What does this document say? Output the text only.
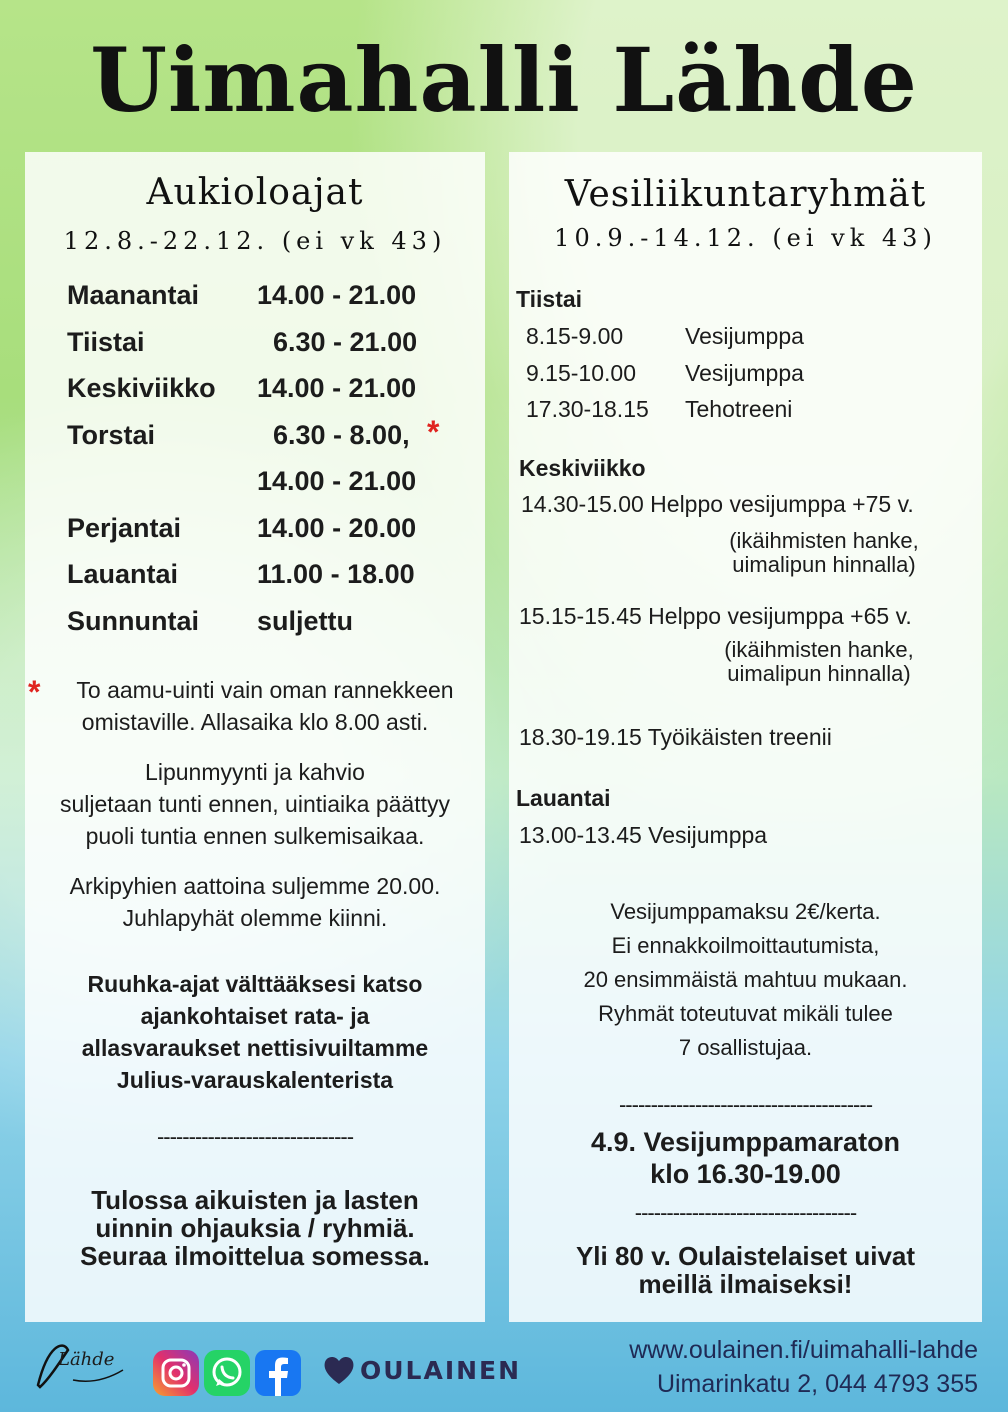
Uimahalli Lähde
Aukioloajat
12.8.-22.12. (ei vk 43)
Maanantai 14.00 - 21.00
Tiistai	6.30 - 21.00
Keskiviikko 14.00 - 21.00
Torstai	6.30 - 8.00, *
14.00 - 21.00
Perjantai	14.00 - 20.00
Lauantai	11.00 - 18.00
Sunnuntai suljettu
*	To aamu-uinti vain oman rannekkeen
omistaville. Allasaika klo 8.00 asti.
Lipunmyynti ja kahvio
suljetaan tunti ennen, uintiaika päättyy
puoli tuntia ennen sulkemisaikaa.
Arkipyhien aattoina suljemme 20.00.
Juhlapyhät olemme kiinni.
Ruuhka-ajat välttääksesi katso
ajankohtaiset rata- ja
allasvaraukset nettisivuiltamme
Julius-varauskalenterista
-------------------------------
Tulossa aikuisten ja lasten
uinnin ohjauksia / ryhmiä.
Seuraa ilmoittelua somessa.
Vesiliikuntaryhmät
10.9.-14.12. (ei vk 43)
Tiistai
8.15-9.00	Vesijumppa
9.15-10.00 Vesijumppa
17.30-18.15 Tehotreeni
Keskiviikko
14.30-15.00 Helppo vesijumppa +75 v.
(ikäihmisten hanke,
uimalipun hinnalla)
15.15-15.45 Helppo vesijumppa +65 v.
(ikäihmisten hanke,
uimalipun hinnalla)
18.30-19.15 Työikäisten treenii
Lauantai
13.00-13.45 Vesijumppa
Vesijumppamaksu 2€/kerta.
Ei ennakkoilmoittautumista,
20 ensimmäistä mahtuu mukaan.
Ryhmät toteutuvat mikäli tulee
7 osallistujaa.
----------------------------------------
4.9. Vesijumppamaraton
klo 16.30-19.00
-----------------------------------
Yli 80 v. Oulaistelaiset uivat
meillä ilmaiseksi!
Lähde	OULAINEN
www.oulainen.fi/uimahalli-lahde
Uimarinkatu 2, 044 4793 355
